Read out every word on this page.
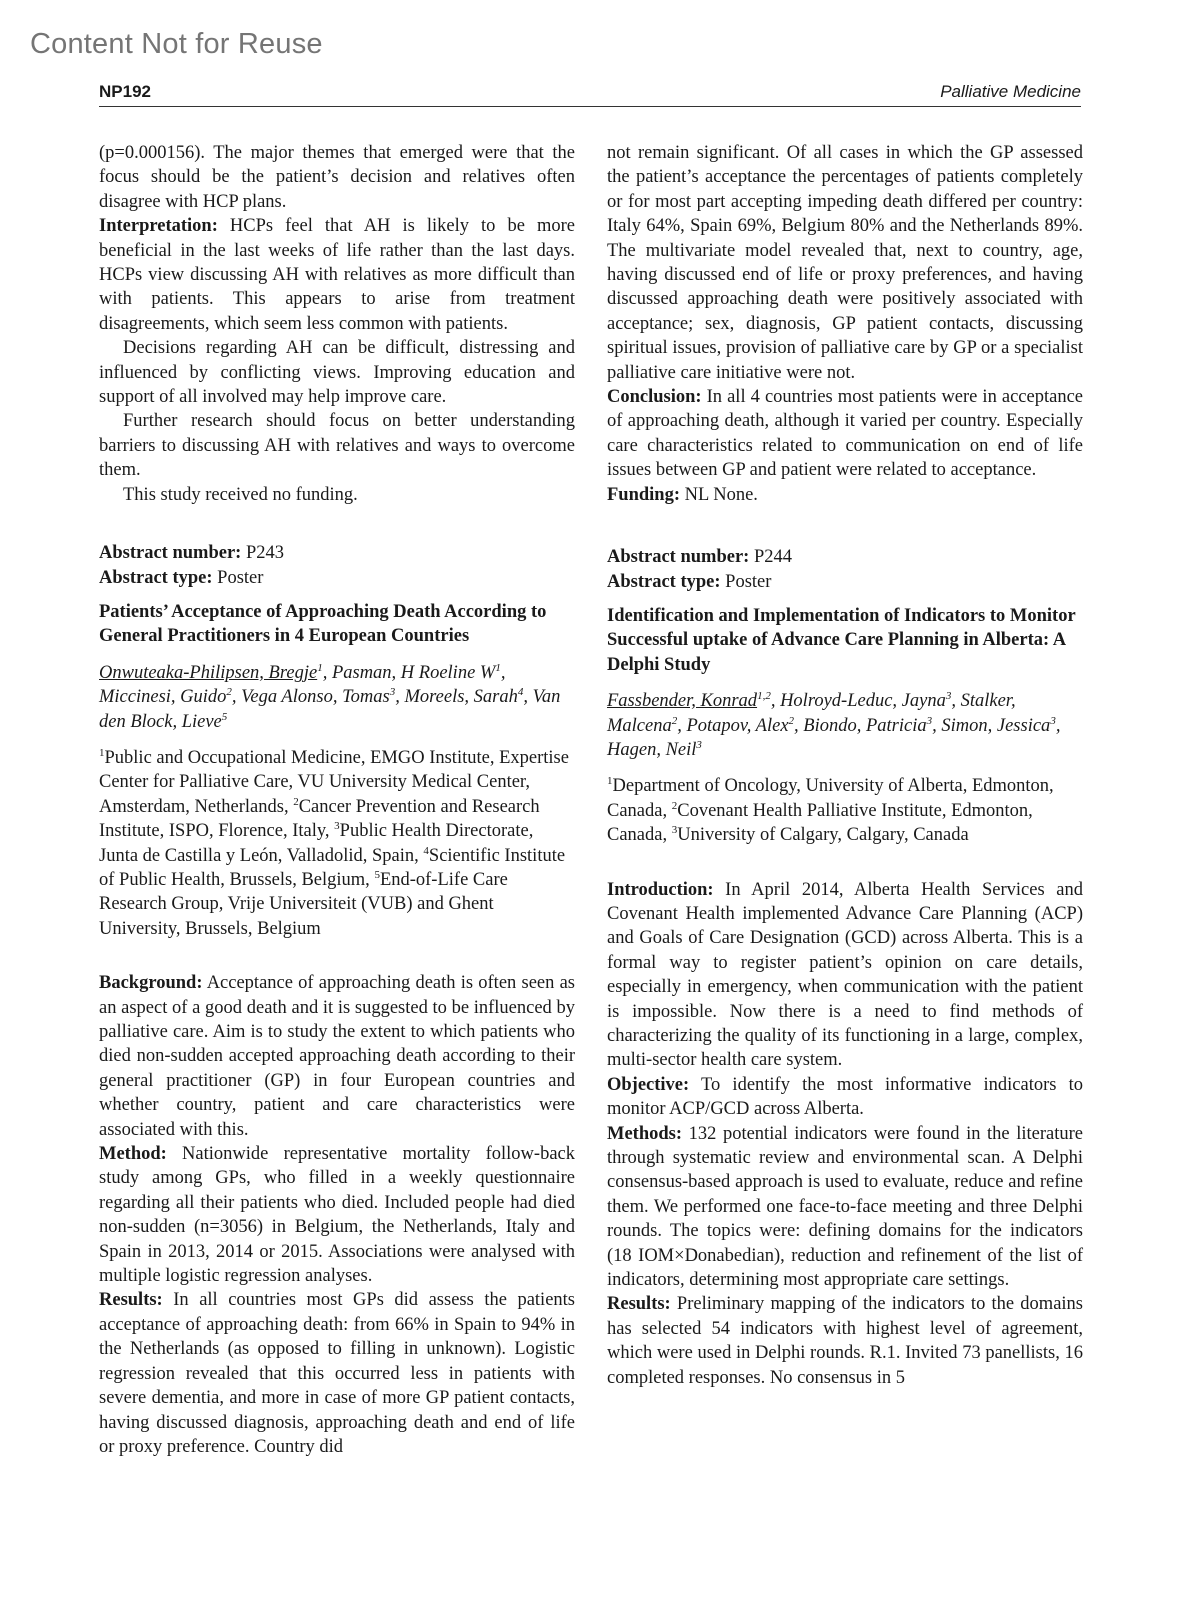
Content Not for Reuse
NP192	Palliative Medicine

(p=0.000156). The major themes that emerged were that the focus should be the patient’s decision and relatives often disagree with HCP plans.

Interpretation: HCPs feel that AH is likely to be more beneficial in the last weeks of life rather than the last days. HCPs view discussing AH with relatives as more difficult than with patients. This appears to arise from treatment disagreements, which seem less common with patients.

Decisions regarding AH can be difficult, distressing and influenced by conflicting views. Improving education and support of all involved may help improve care.

Further research should focus on better understanding barriers to discussing AH with relatives and ways to overcome them.

This study received no funding.

Abstract number: P243

Abstract type: Poster

Patients’ Acceptance of Approaching Death According to General Practitioners in 4 European Countries

Onwuteaka-Philipsen, Bregje$^1$, Pasman, H Roeline $W^1$, Miccinesi, Guido$^2$, Vega Alonso, Tomas$^3$, Moreels, Sarah$^4$, Van den Block, Lieve$^5$

$^1$Public and Occupational Medicine, EMGO Institute, Expertise Center for Palliative Care, VU University Medical Center, Amsterdam, Netherlands, $^2$Cancer Prevention and Research Institute, ISPO, Florence, Italy, $^3$Public Health Directorate, Junta de Castilla y León, Valladolid, Spain, $^4$Scientific Institute of Public Health, Brussels, Belgium, $^5$End-of-Life Care Research Group, Vrije Universiteit (VUB) and Ghent University, Brussels, Belgium

Background: Acceptance of approaching death is often seen as an aspect of a good death and it is suggested to be influenced by palliative care. Aim is to study the extent to which patients who died non-sudden accepted approaching death according to their general practitioner (GP) in four European countries and whether country, patient and care characteristics were associated with this.

Method: Nationwide representative mortality follow-back study among GPs, who filled in a weekly questionnaire regarding all their patients who died. Included people had died non-sudden (n=3056) in Belgium, the Netherlands, Italy and Spain in 2013, 2014 or 2015. Associations were analysed with multiple logistic regression analyses.

Results: In all countries most GPs did assess the patients acceptance of approaching death: from 66% in Spain to 94% in the Netherlands (as opposed to filling in unknown). Logistic regression revealed that this occurred less in patients with severe dementia, and more in case of more GP patient contacts, having discussed diagnosis, approaching death and end of life or proxy preference. Country did

not remain significant. Of all cases in which the GP assessed the patient’s acceptance the percentages of patients completely or for most part accepting impeding death differed per country: Italy 64%, Spain 69%, Belgium 80% and the Netherlands 89%. The multivariate model revealed that, next to country, age, having discussed end of life or proxy preferences, and having discussed approaching death were positively associated with acceptance; sex, diagnosis, GP patient contacts, discussing spiritual issues, provision of palliative care by GP or a specialist palliative care initiative were not.

Conclusion: In all 4 countries most patients were in acceptance of approaching death, although it varied per country. Especially care characteristics related to communication on end of life issues between GP and patient were related to acceptance.

Funding: NL None.

Abstract number: P244

Abstract type: Poster

Identification and Implementation of Indicators to Monitor Successful uptake of Advance Care Planning in Alberta: A Delphi Study

Fassbender, Konrad$^{1,2}$, Holroyd-Leduc, Jayna$^3$, Stalker, Malcena$^2$, Potapov, Alex$^2$, Biondo, Patricia$^3$, Simon, Jessica$^3$, Hagen, Neil$^3$

$^1$Department of Oncology, University of Alberta, Edmonton, Canada, $^2$Covenant Health Palliative Institute, Edmonton, Canada, $^3$University of Calgary, Calgary, Canada

Introduction: In April 2014, Alberta Health Services and Covenant Health implemented Advance Care Planning (ACP) and Goals of Care Designation (GCD) across Alberta. This is a formal way to register patient’s opinion on care details, especially in emergency, when communication with the patient is impossible. Now there is a need to find methods of characterizing the quality of its functioning in a large, complex, multi-sector health care system.

Objective: To identify the most informative indicators to monitor ACP/GCD across Alberta.

Methods: 132 potential indicators were found in the literature through systematic review and environmental scan. A Delphi consensus-based approach is used to evaluate, reduce and refine them. We performed one face-to-face meeting and three Delphi rounds. The topics were: defining domains for the indicators (18 IOM×Donabedian), reduction and refinement of the list of indicators, determining most appropriate care settings.

Results: Preliminary mapping of the indicators to the domains has selected 54 indicators with highest level of agreement, which were used in Delphi rounds. R.1. Invited 73 panellists, 16 completed responses. No consensus in 5
